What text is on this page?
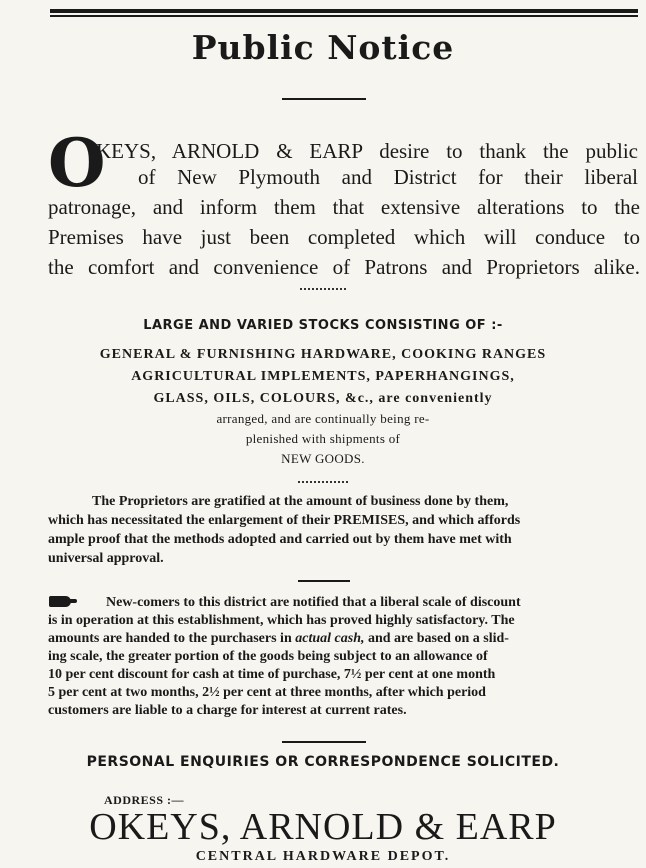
Public Notice
O
KEYS, ARNOLD & EARP desire to thank the public
of New Plymouth and District for their liberal
patronage, and inform them that extensive alterations to the
Premises have just been completed which will conduce to
the comfort and convenience of Patrons and Proprietors alike.
LARGE AND VARIED STOCKS CONSISTING OF :-
GENERAL & FURNISHING HARDWARE, COOKING RANGES
AGRICULTURAL IMPLEMENTS, PAPERHANGINGS,
GLASS, OILS, COLOURS, &c., are conveniently
arranged, and are continually being re-
plenished with shipments of
NEW GOODS.
The Proprietors are gratified at the amount of business done by them,
which has necessitated the enlargement of their PREMISES, and which affords
ample proof that the methods adopted and carried out by them have met with
universal approval.
New-comers to this district are notified that a liberal scale of discount
is in operation at this establishment, which has proved highly satisfactory. The
amounts are handed to the purchasers in actual cash, and are based on a slid-
ing scale, the greater portion of the goods being subject to an allowance of
10 per cent discount for cash at time of purchase, 7½ per cent at one month
5 per cent at two months, 2½ per cent at three months, after which period
customers are liable to a charge for interest at current rates.
PERSONAL ENQUIRIES OR CORRESPONDENCE SOLICITED.
ADDRESS :—
OKEYS, ARNOLD & EARP
CENTRAL HARDWARE DEPOT.
